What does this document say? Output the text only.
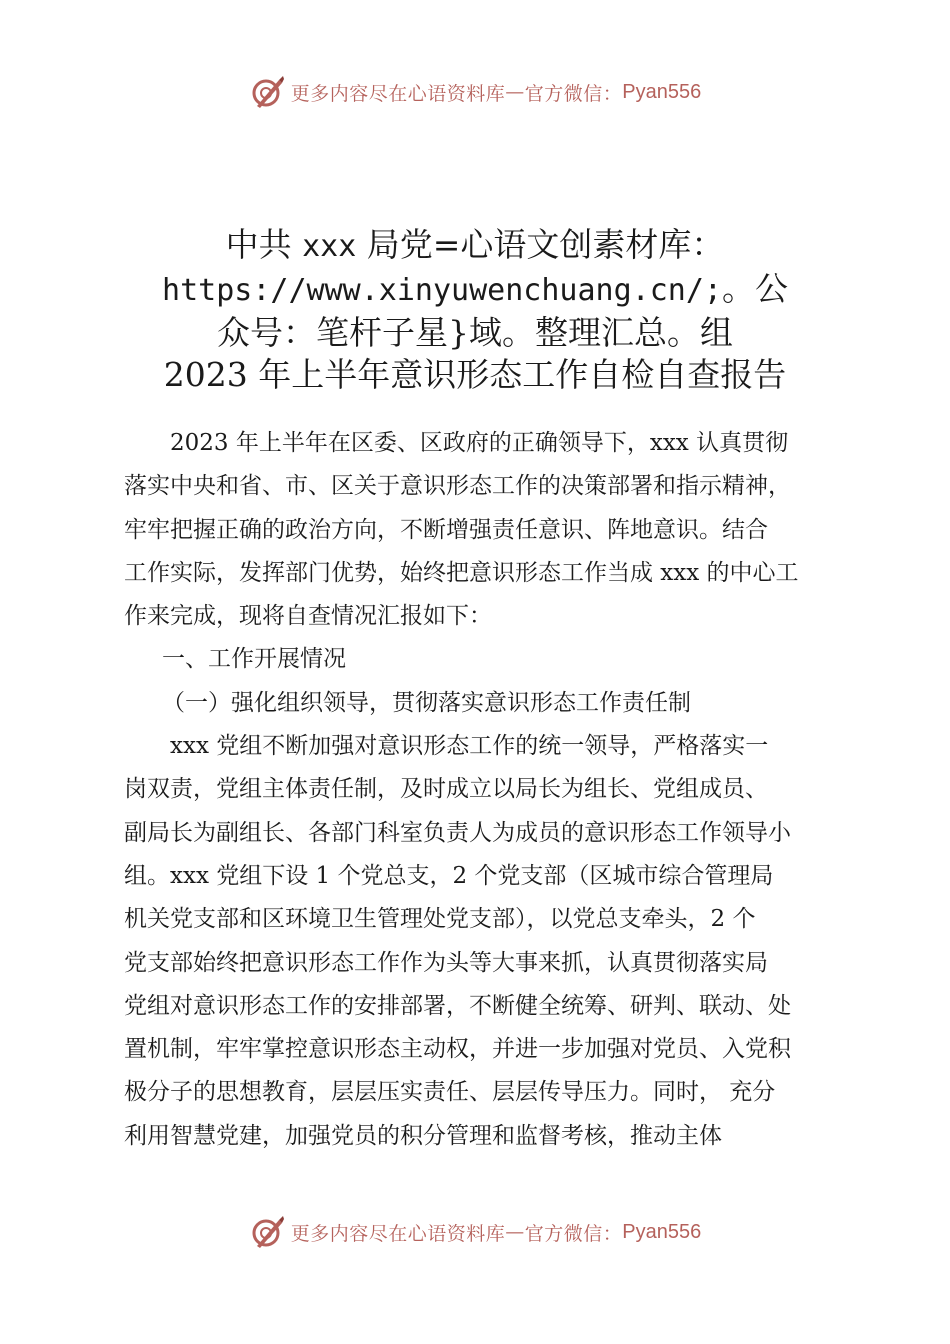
更多内容尽在心语资料库 — 官方微信： Pyan556
中共 xxx 局党=心语文创素材库：
https://www.xinyuwenchuang.cn/;。公
众号：笔杆子星}域。整理汇总。组
2023 年上半年意识形态工作自检自查报告
2023 年上半年在区委、区政府的正确领导下，xxx 认真贯彻
落实中央和省、市、区关于意识形态工作的决策部署和指示精神，
牢牢把握正确的政治方向，不断增强责任意识、阵地意识。结合
工作实际，发挥部门优势，始终把意识形态工作当成 xxx 的中心工
作来完成，现将自查情况汇报如下：
一、工作开展情况
（一）强化组织领导，贯彻落实意识形态工作责任制
xxx 党组不断加强对意识形态工作的统一领导，严格落实一
岗双责，党组主体责任制，及时成立以局长为组长、党组成员、
副局长为副组长、各部门科室负责人为成员的意识形态工作领导小
组。xxx 党组下设 1 个党总支，2 个党支部（区城市综合管理局
机关党支部和区环境卫生管理处党支部），以党总支牵头，2 个
党支部始终把意识形态工作作为头等大事来抓，认真贯彻落实局
党组对意识形态工作的安排部署，不断健全统筹、研判、联动、处
置机制，牢牢掌控意识形态主动权，并进一步加强对党员、入党积
极分子的思想教育，层层压实责任、层层传导压力。同时， 充分
利用智慧党建，加强党员的积分管理和监督考核，推动主体
更多内容尽在心语资料库 — 官方微信： Pyan556
